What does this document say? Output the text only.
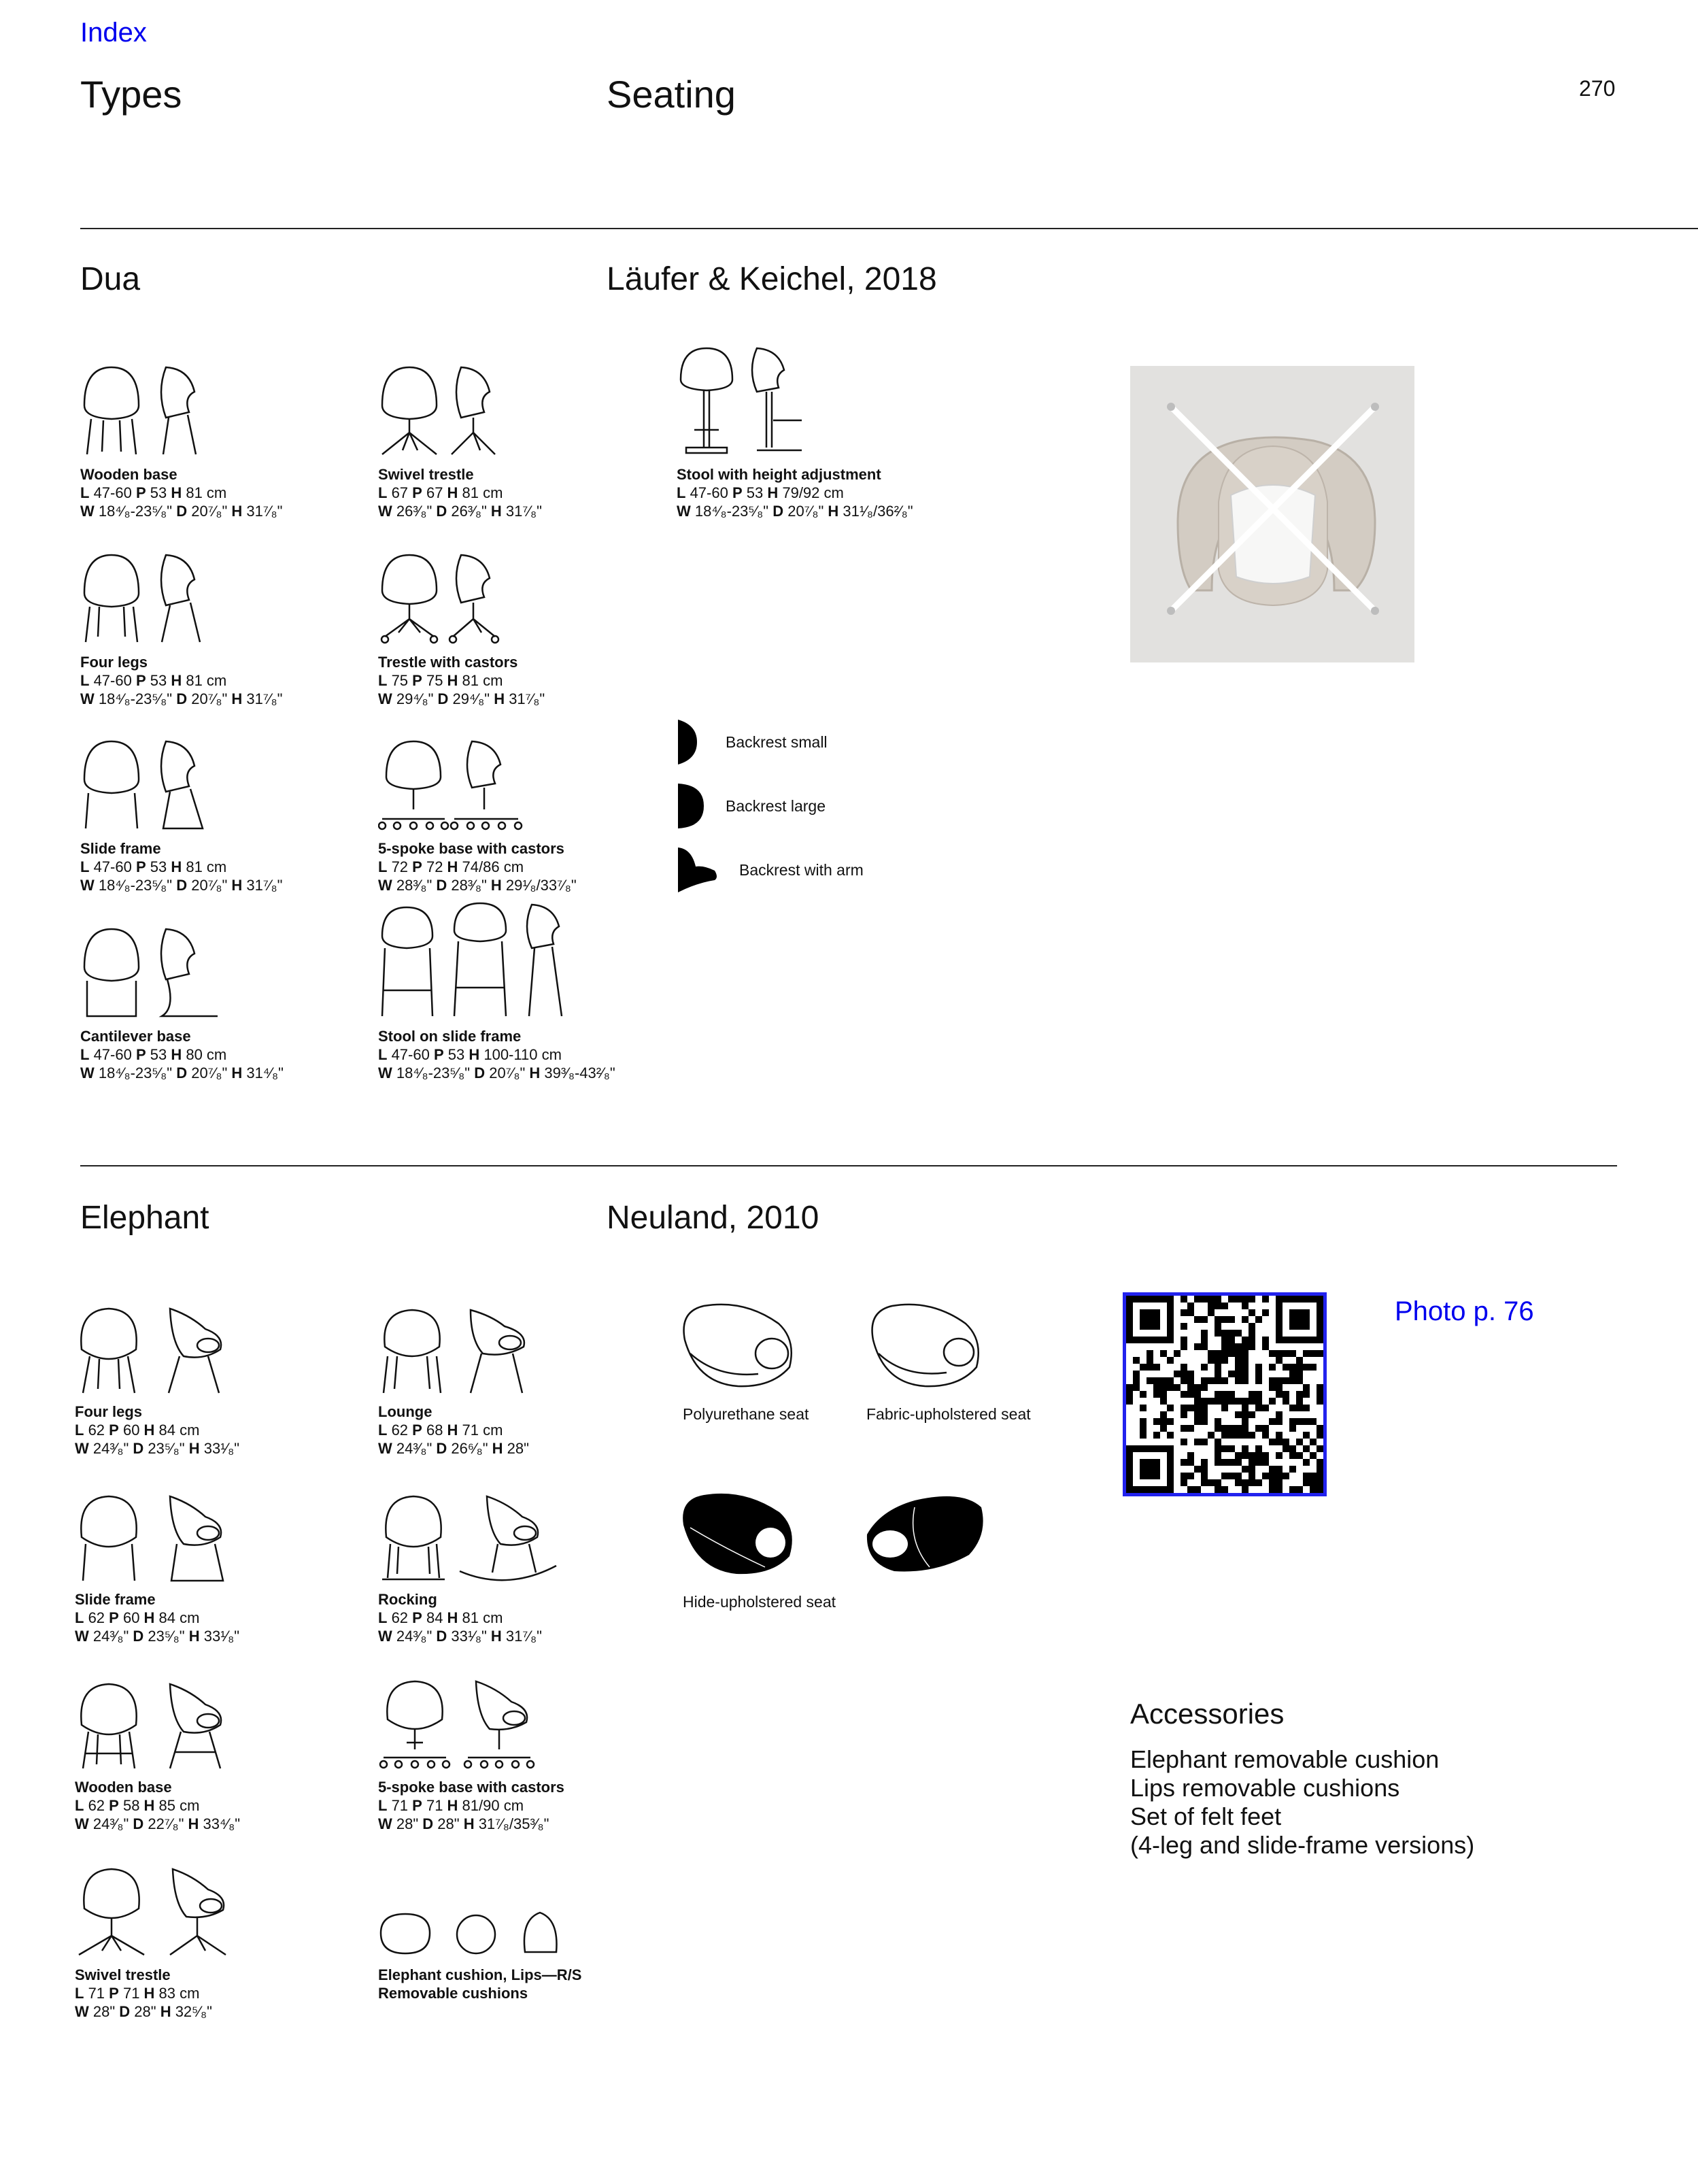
Index
Types	Seating	270
Dua	Läufer & Keichel, 2018
Wooden base
L 47-60 P 53 H 81 cm
W 18⁴⁄₈-23⁵⁄₈" D 20⁷⁄₈" H 31⁷⁄₈"
Swivel trestle
L 67 P 67 H 81 cm
W 26³⁄₈" D 26³⁄₈" H 31⁷⁄₈"
Stool with height adjustment
L 47-60 P 53 H 79/92 cm
W 18⁴⁄₈-23⁵⁄₈" D 20⁷⁄₈" H 31¹⁄₈/36²⁄₈"
Four legs
L 47-60 P 53 H 81 cm
W 18⁴⁄₈-23⁵⁄₈" D 20⁷⁄₈" H 31⁷⁄₈"
Trestle with castors
L 75 P 75 H 81 cm
W 29⁴⁄₈" D 29⁴⁄₈" H 31⁷⁄₈"
Backrest small
Backrest large
Backrest with arm
Slide frame
L 47-60 P 53 H 81 cm
W 18⁴⁄₈-23⁵⁄₈" D 20⁷⁄₈" H 31⁷⁄₈"
5-spoke base with castors
L 72 P 72 H 74/86 cm
W 28³⁄₈" D 28³⁄₈" H 29¹⁄₈/33⁷⁄₈"
Cantilever base
L 47-60 P 53 H 80 cm
W 18⁴⁄₈-23⁵⁄₈" D 20⁷⁄₈" H 31⁴⁄₈"
Stool on slide frame
L 47-60 P 53 H 100-110 cm
W 18⁴⁄₈-23⁵⁄₈" D 20⁷⁄₈" H 39³⁄₈-43²⁄₈"
Elephant	Neuland, 2010
Four legs
L 62 P 60 H 84 cm
W 24³⁄₈" D 23⁵⁄₈" H 33¹⁄₈"
Lounge
L 62 P 68 H 71 cm
W 24³⁄₈" D 26⁶⁄₈" H 28"
Polyurethane seat	Fabric-upholstered seat
Hide-upholstered seat
Photo p. 76
Slide frame
L 62 P 60 H 84 cm
W 24³⁄₈" D 23⁵⁄₈" H 33¹⁄₈"
Rocking
L 62 P 84 H 81 cm
W 24³⁄₈" D 33¹⁄₈" H 31⁷⁄₈"
Accessories
Elephant removable cushion
Lips removable cushions
Set of felt feet
(4-leg and slide-frame versions)
Wooden base
L 62 P 58 H 85 cm
W 24³⁄₈" D 22⁷⁄₈" H 33⁴⁄₈"
5-spoke base with castors
L 71 P 71 H 81/90 cm
W 28" D 28" H 31⁷⁄₈/35³⁄₈"
Swivel trestle
L 71 P 71 H 83 cm
W 28" D 28" H 32⁵⁄₈"
Elephant cushion, Lips—R/S
Removable cushions
